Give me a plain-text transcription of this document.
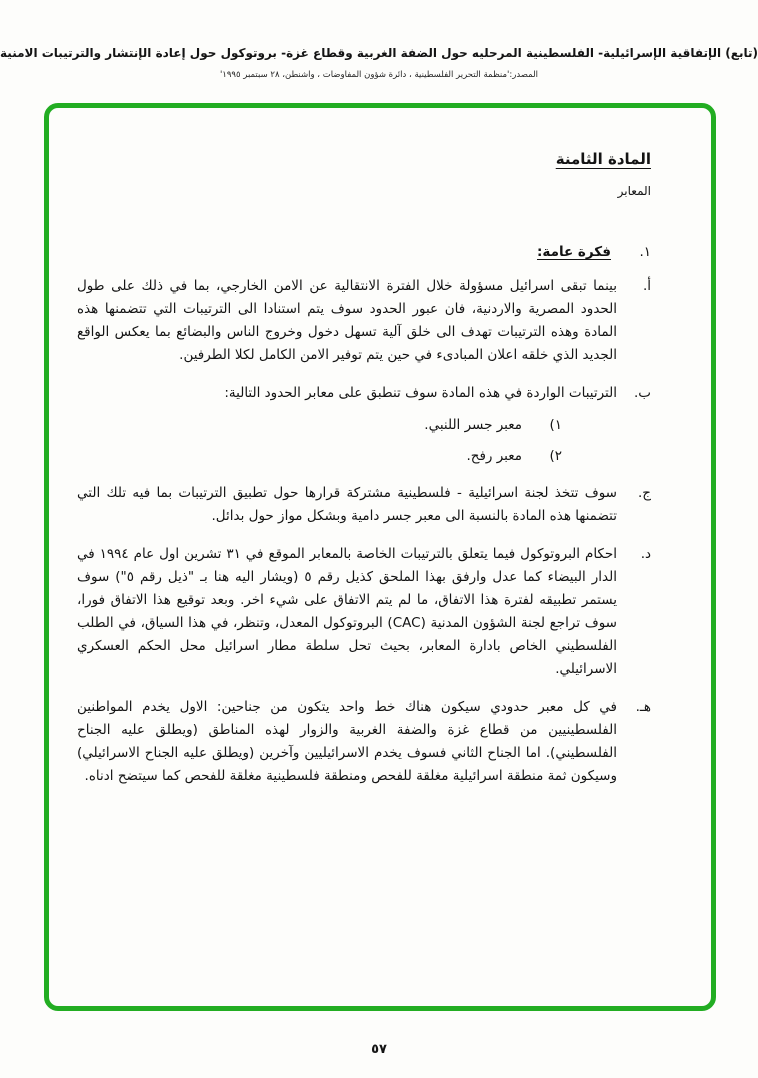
(تابع) الإتفاقية الإسرائيلية- الفلسطينية المرحليه حول الضفة الغربية وقطاع غزة- بروتوكول حول إعادة الإنتشار والترتيبات الامنية
المصدر:'منظمة التحرير الفلسطينية ، دائرة شؤون المفاوضات ، واشنطن، ٢٨ سبتمبر ١٩٩٥'
المادة الثامنة
المعابر
١.
فكرة عامة:
أ.
بينما تبقى اسرائيل مسؤولة خلال الفترة الانتقالية عن الامن الخارجي، بما في ذلك على طول الحدود المصرية والاردنية، فان عبور الحدود سوف يتم استنادا الى الترتيبات التي تتضمنها هذه المادة وهذه الترتيبات تهدف الى خلق آلية تسهل دخول وخروج الناس والبضائع بما يعكس الواقع الجديد الذي خلقه اعلان المبادىء في حين يتم توفير الامن الكامل لكلا الطرفين.
ب.
الترتيبات الواردة في هذه المادة سوف تنطبق على معابر الحدود التالية:
١)
معبر جسر اللنبي.
٢)
معبر رفح.
ج.
سوف تتخذ لجنة اسرائيلية - فلسطينية مشتركة قرارها حول تطبيق الترتيبات بما فيه تلك التي تتضمنها هذه المادة بالنسبة الى معبر جسر دامية وبشكل مواز حول بدائل.
د.
احكام البروتوكول فيما يتعلق بالترتيبات الخاصة بالمعابر الموقع في ٣١ تشرين اول عام ١٩٩٤ في الدار البيضاء كما عدل وارفق بهذا الملحق كذيل رقم ٥ (ويشار اليه هنا بـ "ذيل رقم ٥") سوف يستمر تطبيقه لفترة هذا الاتفاق، ما لم يتم الاتفاق على شيء اخر. وبعد توقيع هذا الاتفاق فورا، سوف تراجع لجنة الشؤون المدنية (CAC) البروتوكول المعدل، وتنظر، في هذا السياق، في الطلب الفلسطيني الخاص بادارة المعابر، بحيث تحل سلطة مطار اسرائيل محل الحكم العسكري الاسرائيلي.
هـ.
في كل معبر حدودي سيكون هناك خط واحد يتكون من جناحين: الاول يخدم المواطنين الفلسطينيين من قطاع غزة والضفة الغربية والزوار لهذه المناطق (ويطلق عليه الجناح الفلسطيني). اما الجناح الثاني فسوف يخدم الاسرائيليين وآخرين (ويطلق عليه الجناح الاسرائيلي) وسيكون ثمة منطقة اسرائيلية مغلقة للفحص ومنطقة فلسطينية مغلقة للفحص كما سيتضح ادناه.
٥٧
